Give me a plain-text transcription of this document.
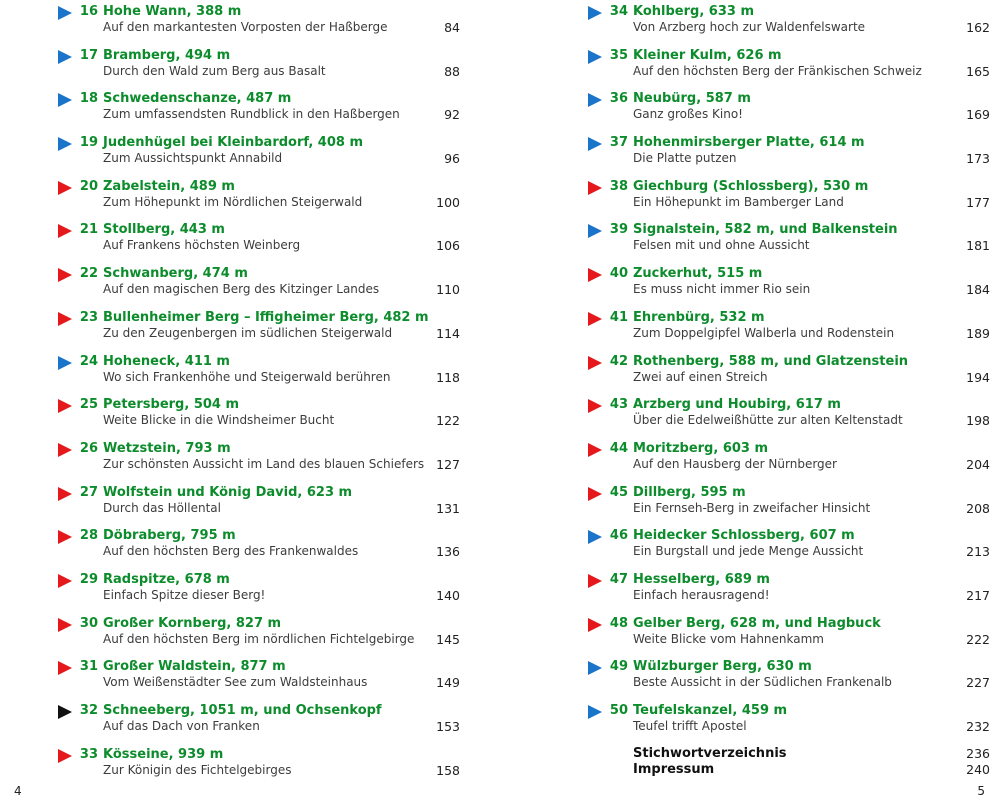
16 Hohe Wann, 388 m
Auf den markantesten Vorposten der Haßberge	84
17 Bramberg, 494 m
Durch den Wald zum Berg aus Basalt	88
18 Schwedenschanze, 487 m
Zum umfassendsten Rundblick in den Haßbergen	92
19 Judenhügel bei Kleinbardorf, 408 m
Zum Aussichtspunkt Annabild	96
20 Zabelstein, 489 m
Zum Höhepunkt im Nördlichen Steigerwald	100
21 Stollberg, 443 m
Auf Frankens höchsten Weinberg	106
22 Schwanberg, 474 m
Auf den magischen Berg des Kitzinger Landes	110
23 Bullenheimer Berg – Iffigheimer Berg, 482 m
Zu den Zeugenbergen im südlichen Steigerwald	114
24 Hoheneck, 411 m
Wo sich Frankenhöhe und Steigerwald berühren	118
25 Petersberg, 504 m
Weite Blicke in die Windsheimer Bucht	122
26 Wetzstein, 793 m
Zur schönsten Aussicht im Land des blauen Schiefers 127
27 Wolfstein und König David, 623 m
Durch das Höllental	131
28 Döbraberg, 795 m
Auf den höchsten Berg des Frankenwaldes	136
29 Radspitze, 678 m
Einfach Spitze dieser Berg!	140
30 Großer Kornberg, 827 m
Auf den höchsten Berg im nördlichen Fichtelgebirge 145
31 Großer Waldstein, 877 m
Vom Weißenstädter See zum Waldsteinhaus	149
32 Schneeberg, 1051 m, und Ochsenkopf
Auf das Dach von Franken	153
33 Kösseine, 939 m
Zur Königin des Fichtelgebirges	158
34 Kohlberg, 633 m
Von Arzberg hoch zur Waldenfelswarte	162
35 Kleiner Kulm, 626 m
Auf den höchsten Berg der Fränkischen Schweiz	165
36 Neubürg, 587 m
Ganz großes Kino!	169
37 Hohenmirsberger Platte, 614 m
Die Platte putzen	173
38 Giechburg (Schlossberg), 530 m
Ein Höhepunkt im Bamberger Land	177
39 Signalstein, 582 m, und Balkenstein
Felsen mit und ohne Aussicht	181
40 Zuckerhut, 515 m
Es muss nicht immer Rio sein	184
41 Ehrenbürg, 532 m
Zum Doppelgipfel Walberla und Rodenstein	189
42 Rothenberg, 588 m, und Glatzenstein
Zwei auf einen Streich	194
43 Arzberg und Houbirg, 617 m
Über die Edelweißhütte zur alten Keltenstadt	198
44 Moritzberg, 603 m
Auf den Hausberg der Nürnberger	204
45 Dillberg, 595 m
Ein Fernseh-Berg in zweifacher Hinsicht	208
46 Heidecker Schlossberg, 607 m
Ein Burgstall und jede Menge Aussicht	213
47 Hesselberg, 689 m
Einfach herausragend!	217
48 Gelber Berg, 628 m, und Hagbuck
Weite Blicke vom Hahnenkamm	222
49 Wülzburger Berg, 630 m
Beste Aussicht in der Südlichen Frankenalb	227
50 Teufelskanzel, 459 m
Teufel trifft Apostel	232
Stichwortverzeichnis	236
Impressum	240
4	5
